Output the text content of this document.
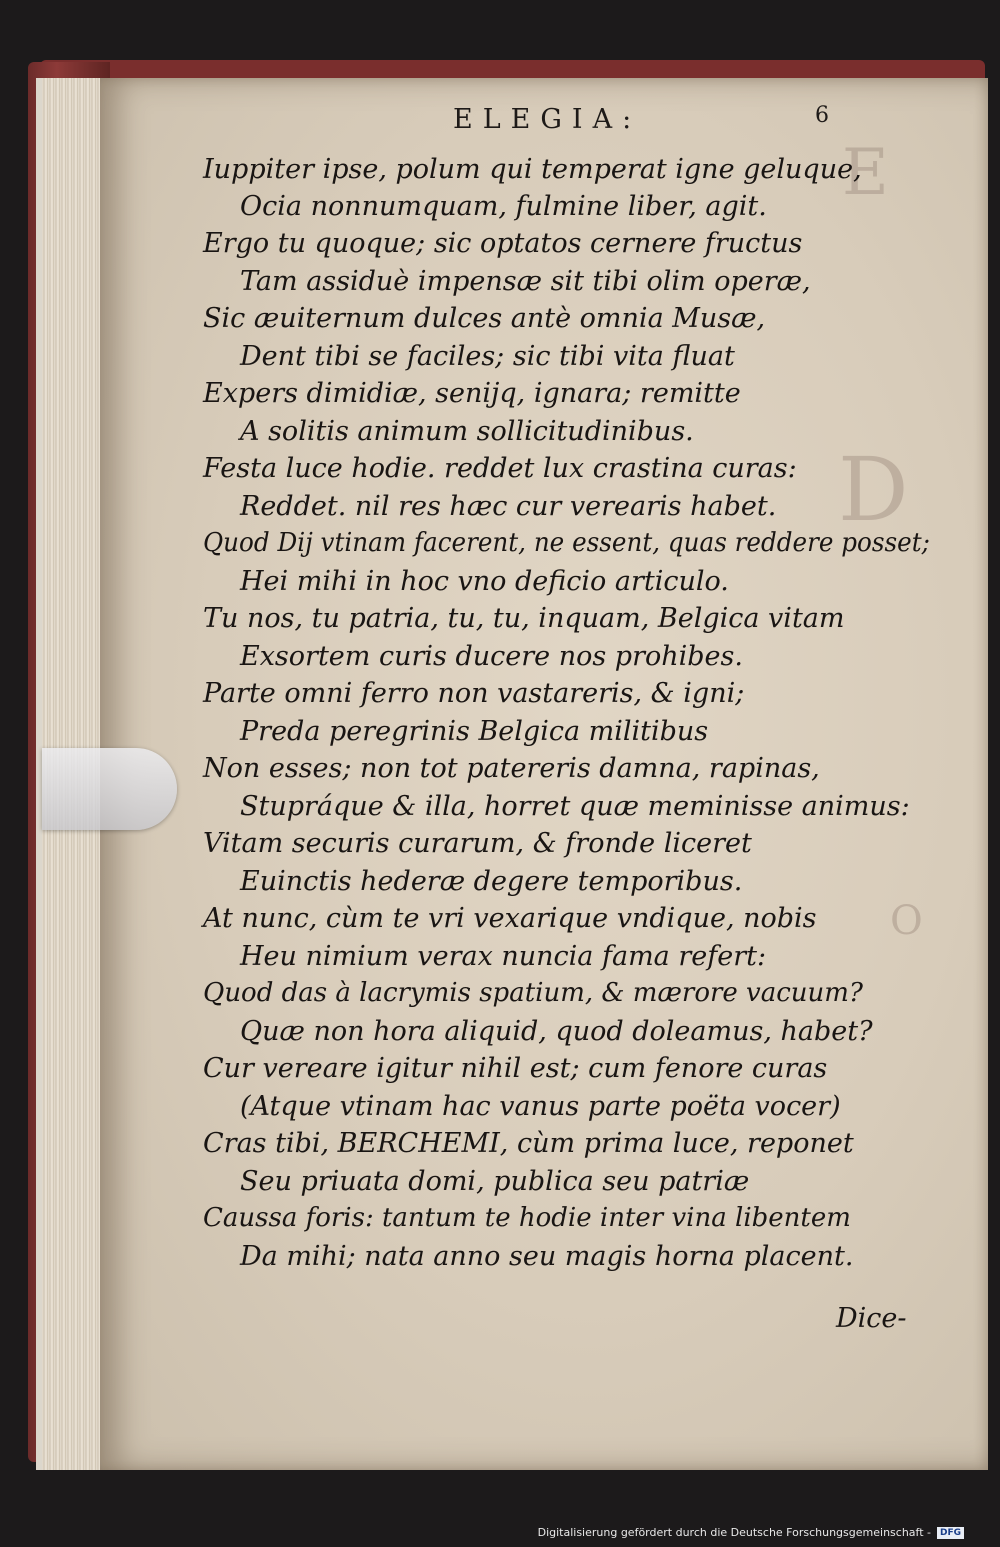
E
D
O
ELEGIA:	6
Iuppiter ipse, polum qui temperat igne geluque,
Ocia nonnumquam, fulmine liber, agit.
Ergo tu quoque; sic optatos cernere fructus
Tam assiduè impensæ sit tibi olim operæ,
Sic æuiternum dulces antè omnia Musæ,
Dent tibi se faciles; sic tibi vita fluat
Expers dimidiæ, senijq, ignara; remitte
A solitis animum sollicitudinibus.
Festa luce hodie. reddet lux crastina curas:
Reddet. nil res hæc cur verearis habet.
Quod Dij vtinam facerent, ne essent, quas reddere posset;
Hei mihi in hoc vno deficio articulo.
Tu nos, tu patria, tu, tu, inquam, Belgica vitam
Exsortem curis ducere nos prohibes.
Parte omni ferro non vastareris, & igni;
Preda peregrinis Belgica militibus
Non esses; non tot patereris damna, rapinas,
Stupráque & illa, horret quæ meminisse animus:
Vitam securis curarum, & fronde liceret
Euinctis hederæ degere temporibus.
At nunc, cùm te vri vexarique vndique, nobis
Heu nimium verax nuncia fama refert:
Quod das à lacrymis spatium, & mærore vacuum?
Quæ non hora aliquid, quod doleamus, habet?
Cur vereare igitur nihil est; cum fenore curas
(Atque vtinam hac vanus parte poëta vocer)
Cras tibi, BERCHEMI, cùm prima luce, reponet
Seu priuata domi, publica seu patriæ
Caussa foris: tantum te hodie inter vina libentem
Da mihi; nata anno seu magis horna placent.
Dice-
Digitalisierung gefördert durch die Deutsche Forschungsgemeinschaft -	DFG
